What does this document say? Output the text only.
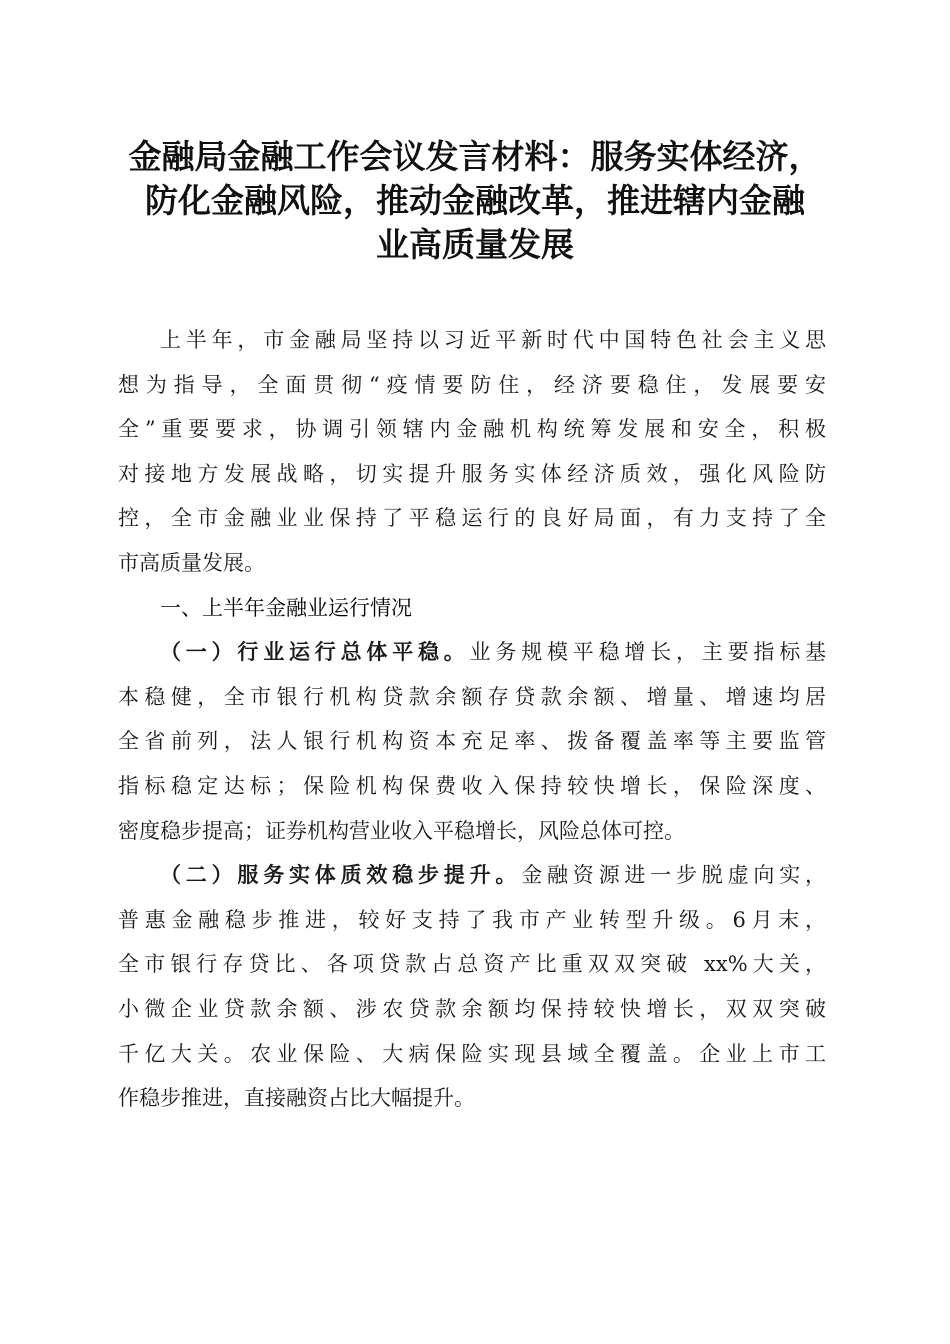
金融局金融工作会议发言材料：服务实体经济，
防化金融风险，推动金融改革，推进辖内金融
业高质量发展
上半年，市金融局坚持以习近平新时代中国特色社会主义思
想为指导，全面贯彻“疫情要防住，经济要稳住，发展要安
全”重要要求，协调引领辖内金融机构统筹发展和安全，积极
对接地方发展战略，切实提升服务实体经济质效，强化风险防
控，全市金融业业保持了平稳运行的良好局面，有力支持了全
市高质量发展。
一、上半年金融业运行情况
（一）行业运行总体平稳。业务规模平稳增长，主要指标基
本稳健，全市银行机构贷款余额存贷款余额、增量、增速均居
全省前列，法人银行机构资本充足率、拨备覆盖率等主要监管
指标稳定达标；保险机构保费收入保持较快增长，保险深度、
密度稳步提高；证券机构营业收入平稳增长，风险总体可控。
（二）服务实体质效稳步提升。金融资源进一步脱虚向实，
普惠金融稳步推进，较好支持了我市产业转型升级。6月末，
全市银行存贷比、各项贷款占总资产比重双双突破 xx%大关，
小微企业贷款余额、涉农贷款余额均保持较快增长，双双突破
千亿大关。农业保险、大病保险实现县域全覆盖。企业上市工
作稳步推进，直接融资占比大幅提升。
